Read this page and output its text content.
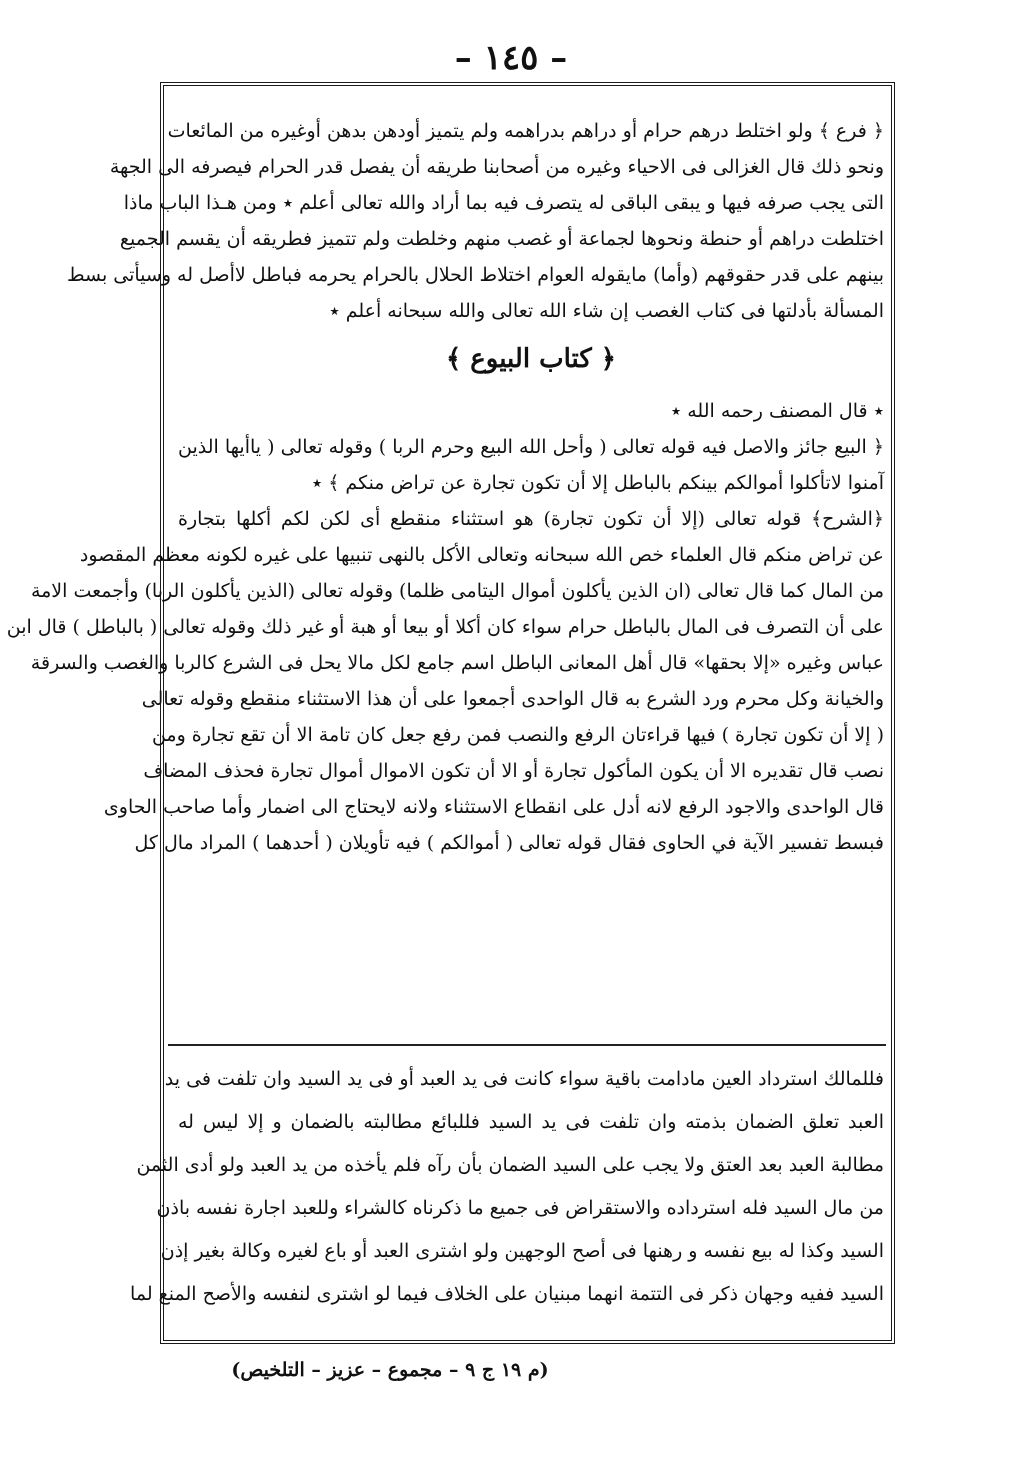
– ١٤٥ –
﴿ فرع ﴾ ولو اختلط درهم حرام أو دراهم بدراهمه ولم يتميز أودهن بدهن أوغيره من المائعات
ونحو ذلك قال الغزالى فى الاحياء وغيره من أصحابنا طريقه أن يفصل قدر الحرام فيصرفه الى الجهة
التى يجب صرفه فيها و يبقى الباقى له يتصرف فيه بما أراد والله تعالى أعلم ٭ ومن هـذا الباب ماذا
اختلطت دراهم أو حنطة ونحوها لجماعة أو غصب منهم وخلطت ولم تتميز فطريقه أن يقسم الجميع
بينهم على قدر حقوقهم (وأما) مايقوله العوام اختلاط الحلال بالحرام يحرمه فباطل لاأصل له وسيأتى بسط
المسألة بأدلتها فى كتاب الغصب إن شاء الله تعالى والله سبحانه أعلم ٭
﴿ كتاب البيوع ﴾
٭ قال المصنف رحمه الله ٭
﴿ البيع جائز والاصل فيه قوله تعالى ( وأحل الله البيع وحرم الربا ) وقوله تعالى ( ياأيها الذين
آمنوا لاتأكلوا أموالكم بينكم بالباطل إلا أن تكون تجارة عن تراض منكم ﴾ ٭
﴿الشرح﴾ قوله تعالى (إلا أن تكون تجارة) هو استثناء منقطع أى لكن لكم أكلها بتجارة
عن تراض منكم قال العلماء خص الله سبحانه وتعالى الأكل بالنهى تنبيها على غيره لكونه معظم المقصود
من المال كما قال تعالى (ان الذين يأكلون أموال اليتامى ظلما) وقوله تعالى (الذين يأكلون الربا) وأجمعت الامة
على أن التصرف فى المال بالباطل حرام سواء كان أكلا أو بيعا أو هبة أو غير ذلك وقوله تعالى ( بالباطل ) قال ابن
عباس وغيره «إلا بحقها» قال أهل المعانى الباطل اسم جامع لكل مالا يحل فى الشرع كالربا والغصب والسرقة
والخيانة وكل محرم ورد الشرع به قال الواحدى أجمعوا على أن هذا الاستثناء منقطع وقوله تعالى
( إلا أن تكون تجارة ) فيها قراءتان الرفع والنصب فمن رفع جعل كان تامة الا أن تقع تجارة ومن
نصب قال تقديره الا أن يكون المأكول تجارة أو الا أن تكون الاموال أموال تجارة فحذف المضاف
قال الواحدى والاجود الرفع لانه أدل على انقطاع الاستثناء ولانه لايحتاج الى اضمار وأما صاحب الحاوى
فبسط تفسير الآية في الحاوى فقال قوله تعالى ( أموالكم ) فيه تأويلان ( أحدهما ) المراد مال كل
فللمالك استرداد العين مادامت باقية سواء كانت فى يد العبد أو فى يد السيد وان تلفت فى يد
العبد تعلق الضمان بذمته وان تلفت فى يد السيد فللبائع مطالبته بالضمان و إلا ليس له
مطالبة العبد بعد العتق ولا يجب على السيد الضمان بأن رآه فلم يأخذه من يد العبد ولو أدى الثمن
من مال السيد فله استرداده والاستقراض فى جميع ما ذكرناه كالشراء وللعبد اجارة نفسه باذن
السيد وكذا له بيع نفسه و رهنها فى أصح الوجهين ولو اشترى العبد أو باع لغيره وكالة بغير إذن
السيد ففيه وجهان ذكر فى التتمة انهما مبنيان على الخلاف فيما لو اشترى لنفسه والأصح المنع لما
(م ١٩ ج ٩ – مجموع – عزيز – التلخيص)
